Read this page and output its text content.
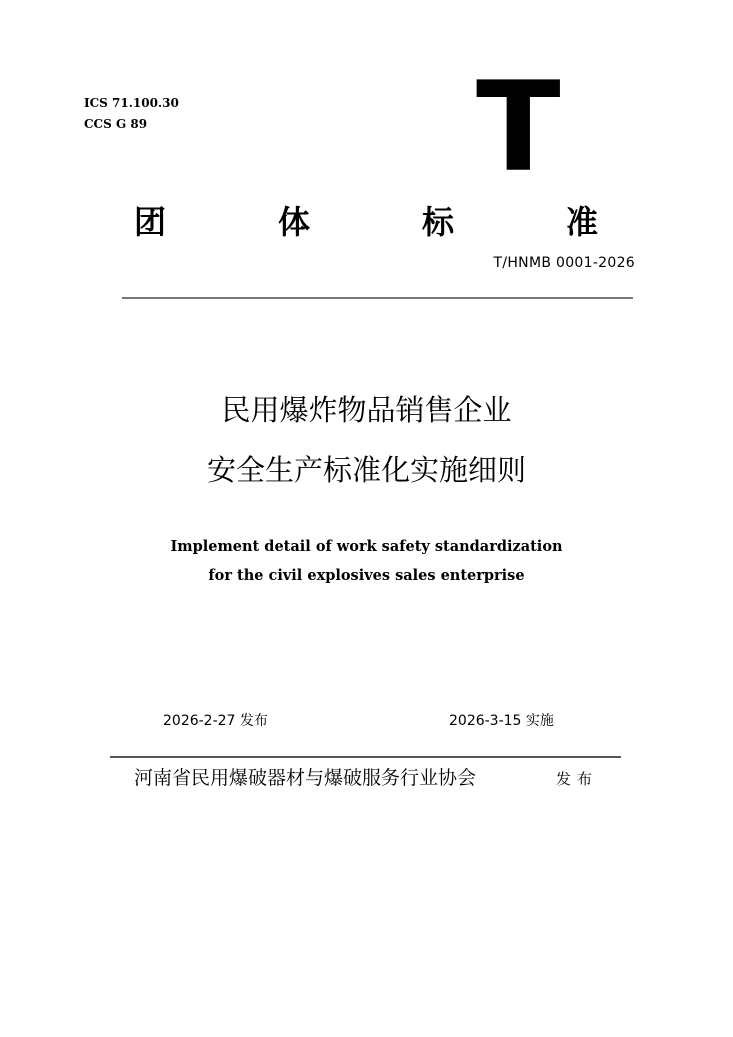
ICS 71.100.30
CCS G 89	T
团	体	标	准
T/HNMB 0001-2026
民用爆炸物品销售企业
安全生产标准化实施细则
Implement detail of work safety standardization
for the civil explosives sales enterprise
2026-2-27 发布	2026-3-15 实施
河南省民用爆破器材与爆破服务行业协会	发布
